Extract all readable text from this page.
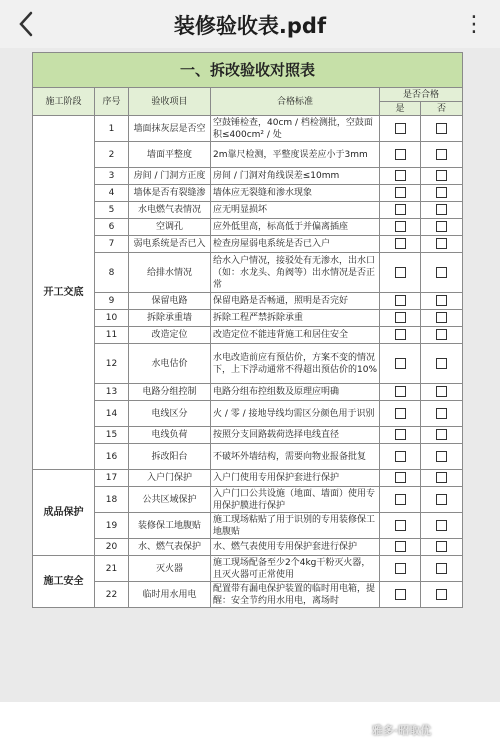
装修验收表.pdf	⋮
一、拆改验收对照表					
施工阶段	序号	验收项目	合格标准	是否合格	
				是	否
开工交底	1	墙面抹灰层是否空	空鼓锤检查，40cm / 档检测批，空鼓面积≤400cm² / 处		
	2	墙面平整度	2m靠尺检测，平整度误差应小于3mm		
	3	房间 / 门洞方正度	房间 / 门洞对角线误差≤10mm		
	4	墙体是否有裂缝渗	墙体应无裂缝和渗水现象		
	5	水电燃气表情况	应无明显损坏		
	6	空调孔	应外低里高，标高低于并偏离插座		
	7	弱电系统是否已入	检查房屋弱电系统是否已入户		
	8	给排水情况	给水入户情况，接驳处有无渗水，出水口（如：水龙头、角阀等）出水情况是否正常		
	9	保留电路	保留电路是否畅通，照明是否完好		
	10	拆除承重墙	拆除工程严禁拆除承重		
	11	改造定位	改造定位不能违背施工和居住安全		
	12	水电估价	水电改造前应有预估价，方案不变的情况下，上下浮动通常不得超出预估价的10%		
	13	电路分组控制	电路分组布控组数及原理应明确		
	14	电线区分	火 / 零 / 接地导线均需区分颜色用于识别		
	15	电线负荷	按照分支回路载荷选择电线直径		
	16	拆改阳台	不破坏外墙结构，需要向物业报备批复		
成品保护	17	入户门保护	入户门使用专用保护套进行保护		
	18	公共区域保护	入户门口公共设施（地面、墙面）使用专用保护膜进行保护		
	19	装修保工地腹贴	施工现场粘贴了用于识别的专用装修保工地腹贴		
	20	水、燃气表保护	水、燃气表使用专用保护套进行保护		
施工安全	21	灭火器	施工现场配备至少2个4kg干粉灭火器，且灭火器可正常使用		
	22	临时用水用电	配置带有漏电保护装置的临时用电箱，提醒：安全节约用水用电，离场时		
雅多·昭取优
